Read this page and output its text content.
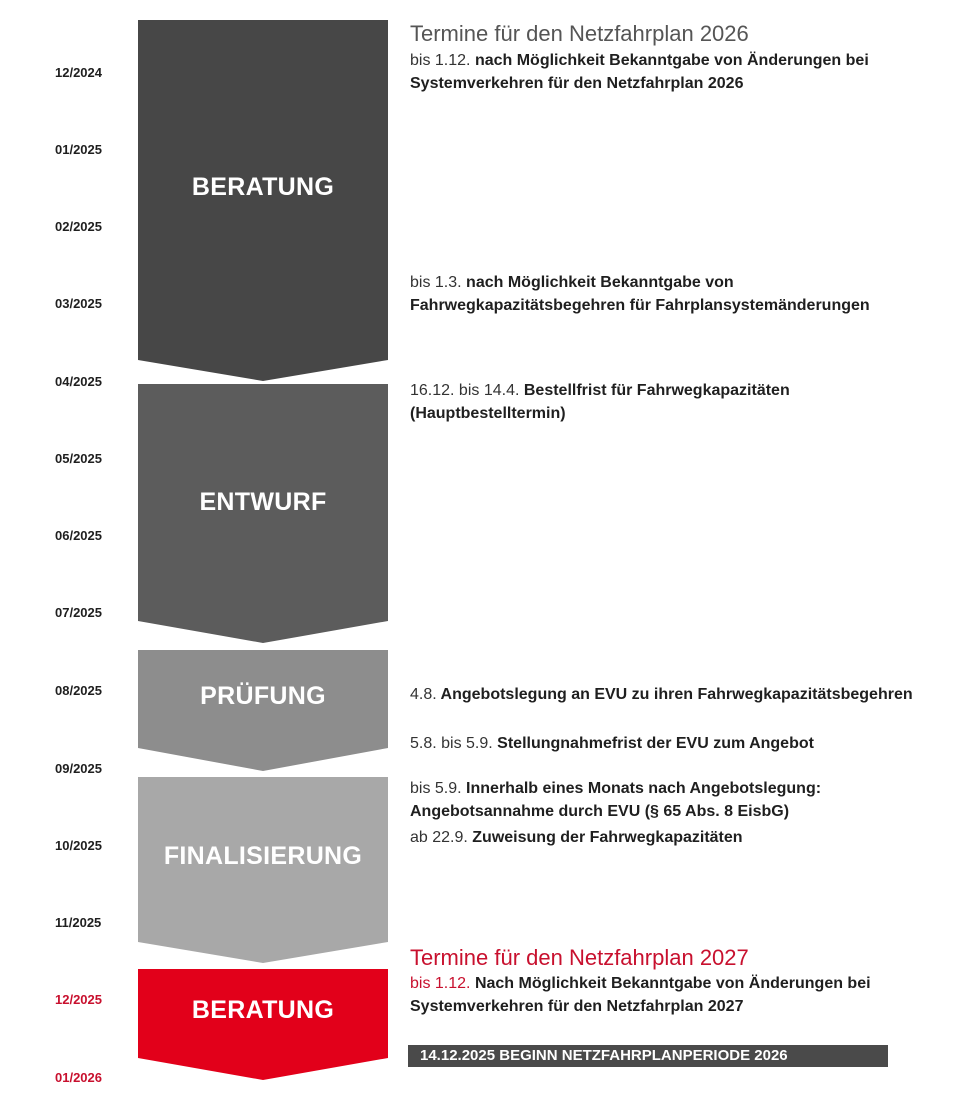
12/2024
01/2025
02/2025
03/2025
04/2025
05/2025
06/2025
07/2025
08/2025
09/2025
10/2025
11/2025
12/2025
01/2026
BERATUNG
ENTWURF
PRÜFUNG
FINALISIERUNG
BERATUNG
Termine für den Netzfahrplan 2026
bis 1.12. nach Möglichkeit Bekanntgabe von Änderungen bei Systemverkehren für den Netzfahrplan 2026
bis 1.3. nach Möglichkeit Bekanntgabe von Fahrwegkapazitätsbegehren für Fahrplansystemänderungen
16.12. bis 14.4. Bestellfrist für Fahrwegkapazitäten (Hauptbestelltermin)
4.8. Angebotslegung an EVU zu ihren Fahrwegkapazitätsbegehren
5.8. bis 5.9. Stellungnahmefrist der EVU zum Angebot
bis 5.9. Innerhalb eines Monats nach Angebotslegung: Angebotsannahme durch EVU (§ 65 Abs. 8 EisbG)
ab 22.9. Zuweisung der Fahrwegkapazitäten
Termine für den Netzfahrplan 2027
bis 1.12. Nach Möglichkeit Bekanntgabe von Änderungen bei Systemverkehren für den Netzfahrplan 2027
14.12.2025 BEGINN NETZFAHRPLANPERIODE 2026
